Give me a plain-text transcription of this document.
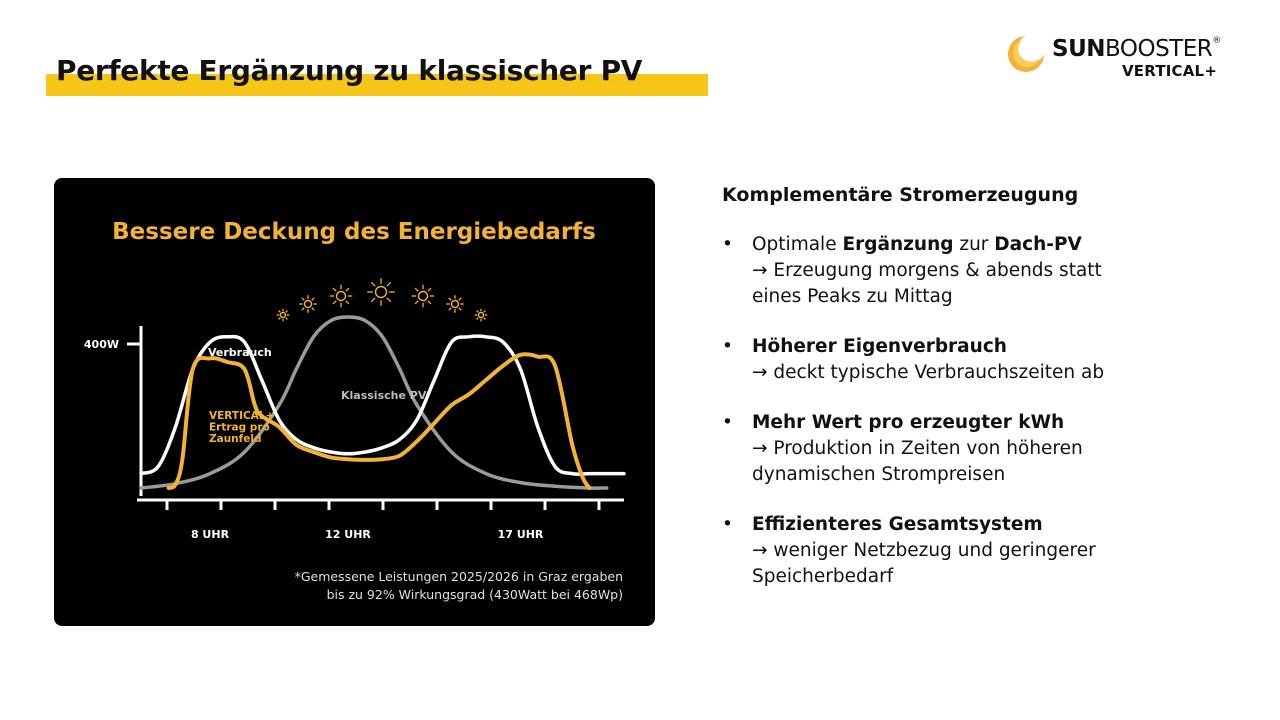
Perfekte Ergänzung zu klassischer PV
SUNBOOSTER®
VERTICAL+
Bessere Deckung des Energiebedarfs
400W
8 UHR	12 UHR	17 UHR
Verbrauch
Klassische PV
VERTICAL+ Ertrag pro Zaunfeld
*Gemessene Leistungen 2025/2026 in Graz ergaben
bis zu 92% Wirkungsgrad (430Watt bei 468Wp)
Komplementäre Stromerzeugung
• Optimale Ergänzung zur Dach-PV
→ Erzeugung morgens & abends statt
eines Peaks zu Mittag
• Höherer Eigenverbrauch
→ deckt typische Verbrauchszeiten ab
• Mehr Wert pro erzeugter kWh
→ Produktion in Zeiten von höheren
dynamischen Strompreisen
• Effizienteres Gesamtsystem
→ weniger Netzbezug und geringerer
Speicherbedarf
